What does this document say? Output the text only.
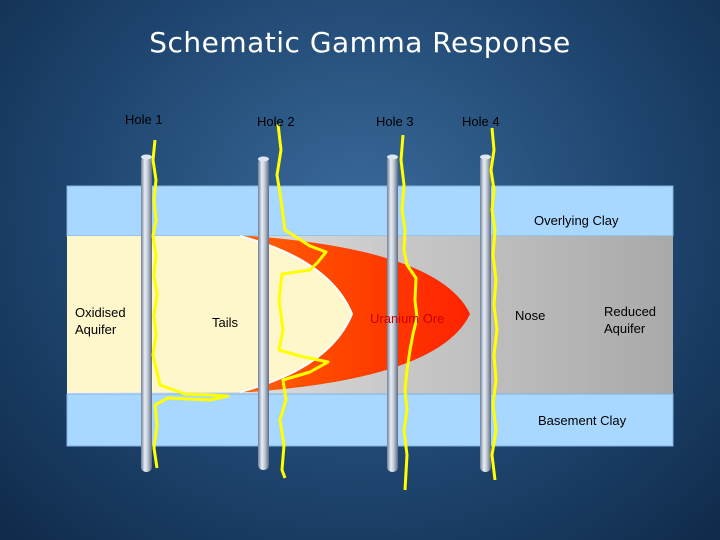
Schematic Gamma Response
Hole 1	Hole 2	Hole 3	Hole 4
Overlying Clay
Oxidised
Aquifer	Tails	Uranium Ore	Nose	Reduced
Aquifer
Basement Clay
